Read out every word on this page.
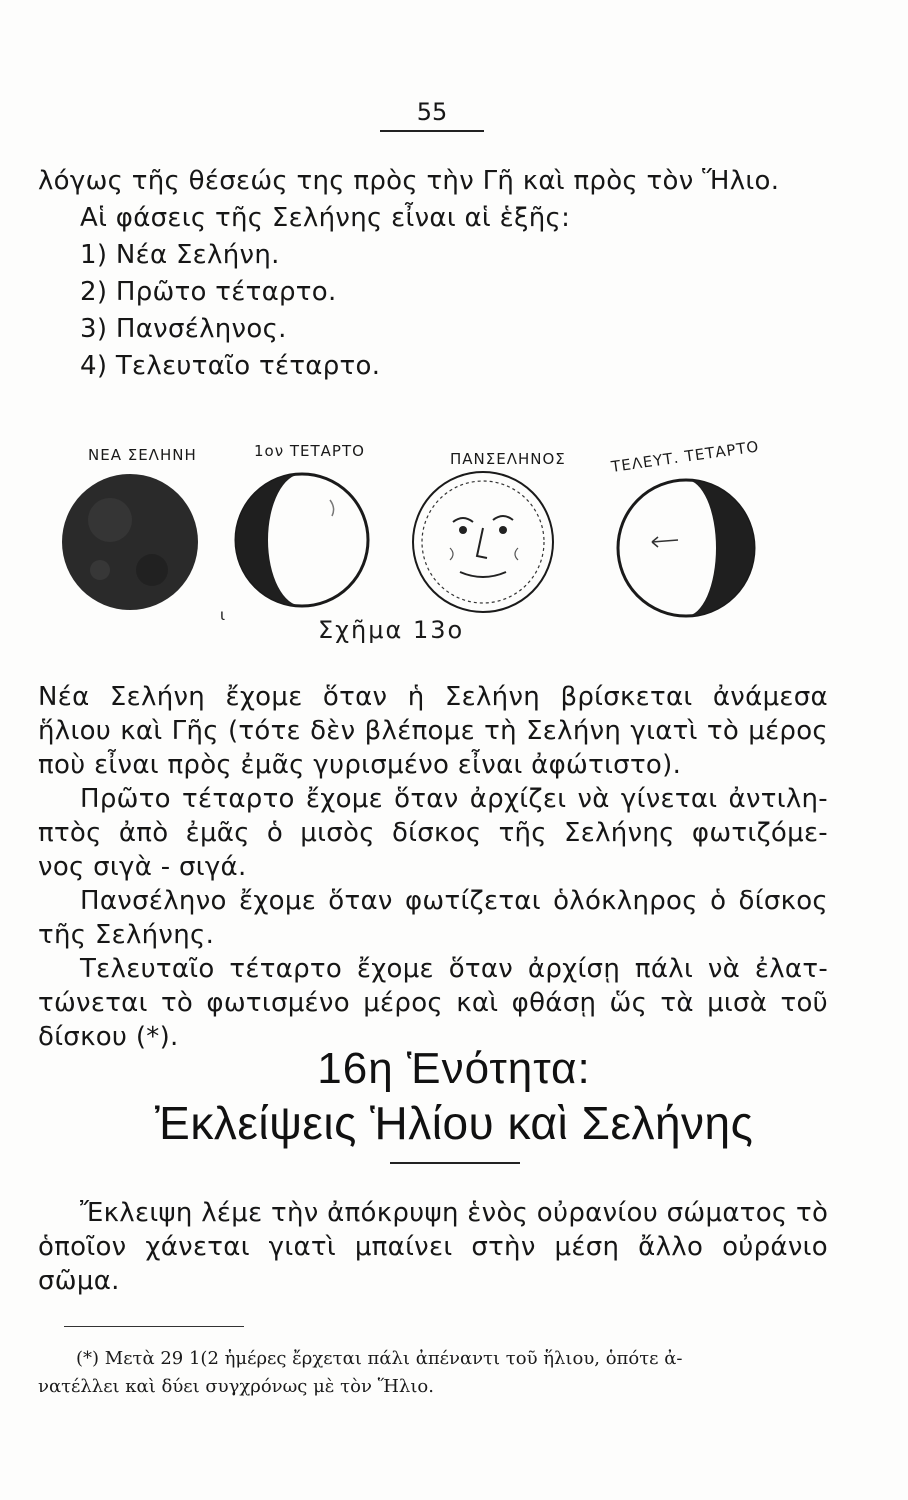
55
λόγως τῆς θέσεώς της πρὸς τὴν Γῆ καὶ πρὸς τὸν Ἥλιο.
Αἱ φάσεις τῆς Σελήνης εἶναι αἱ ἑξῆς:
1) Νέα Σελήνη.
2) Πρῶτο τέταρτο.
3) Πανσέληνος.
4) Τελευταῖο τέταρτο.
ΝΕΑ ΣΕΛΗΝΗ	1ον ΤΕΤΑΡΤΟ	ΠΑΝΣΕΛΗΝΟΣ	ΤΕΛΕΥΤ. ΤΕΤΑΡΤΟ
ι
Σχῆμα 13ο
Νέα Σελήνη ἔχομε ὅταν ἡ Σελήνη βρίσκεται ἀνάμεσα
ἥλιου καὶ Γῆς (τότε δὲν βλέπομε τὴ Σελήνη γιατὶ τὸ μέρος
ποὺ εἶναι πρὸς ἐμᾶς γυρισμένο εἶναι ἀφώτιστο).
Πρῶτο τέταρτο ἔχομε ὅταν ἀρχίζει νὰ γίνεται ἀντιλη-
πτὸς ἀπὸ ἐμᾶς ὁ μισὸς δίσκος τῆς Σελήνης φωτιζόμε-
νος σιγὰ - σιγά.
Πανσέληνο ἔχομε ὅταν φωτίζεται ὁλόκληρος ὁ δίσκος
τῆς Σελήνης.
Τελευταῖο τέταρτο ἔχομε ὅταν ἀρχίσῃ πάλι νὰ ἐλατ-
τώνεται τὸ φωτισμένο μέρος καὶ φθάσῃ ὥς τὰ μισὰ τοῦ
δίσκου (*).
16η Ἑνότητα:
Ἐκλείψεις Ἡλίου καὶ Σελήνης
Ἔκλειψη λέμε τὴν ἀπόκρυψη ἑνὸς οὐρανίου σώματος τὸ
ὁποῖον χάνεται γιατὶ μπαίνει στὴν μέση ἄλλο οὐράνιο
σῶμα.
(*) Μετὰ 29 1(2 ἡμέρες ἔρχεται πάλι ἀπέναντι τοῦ ἥλιου, ὁπότε ἀ-
νατέλλει καὶ δύει συγχρόνως μὲ τὸν Ἥλιο.
